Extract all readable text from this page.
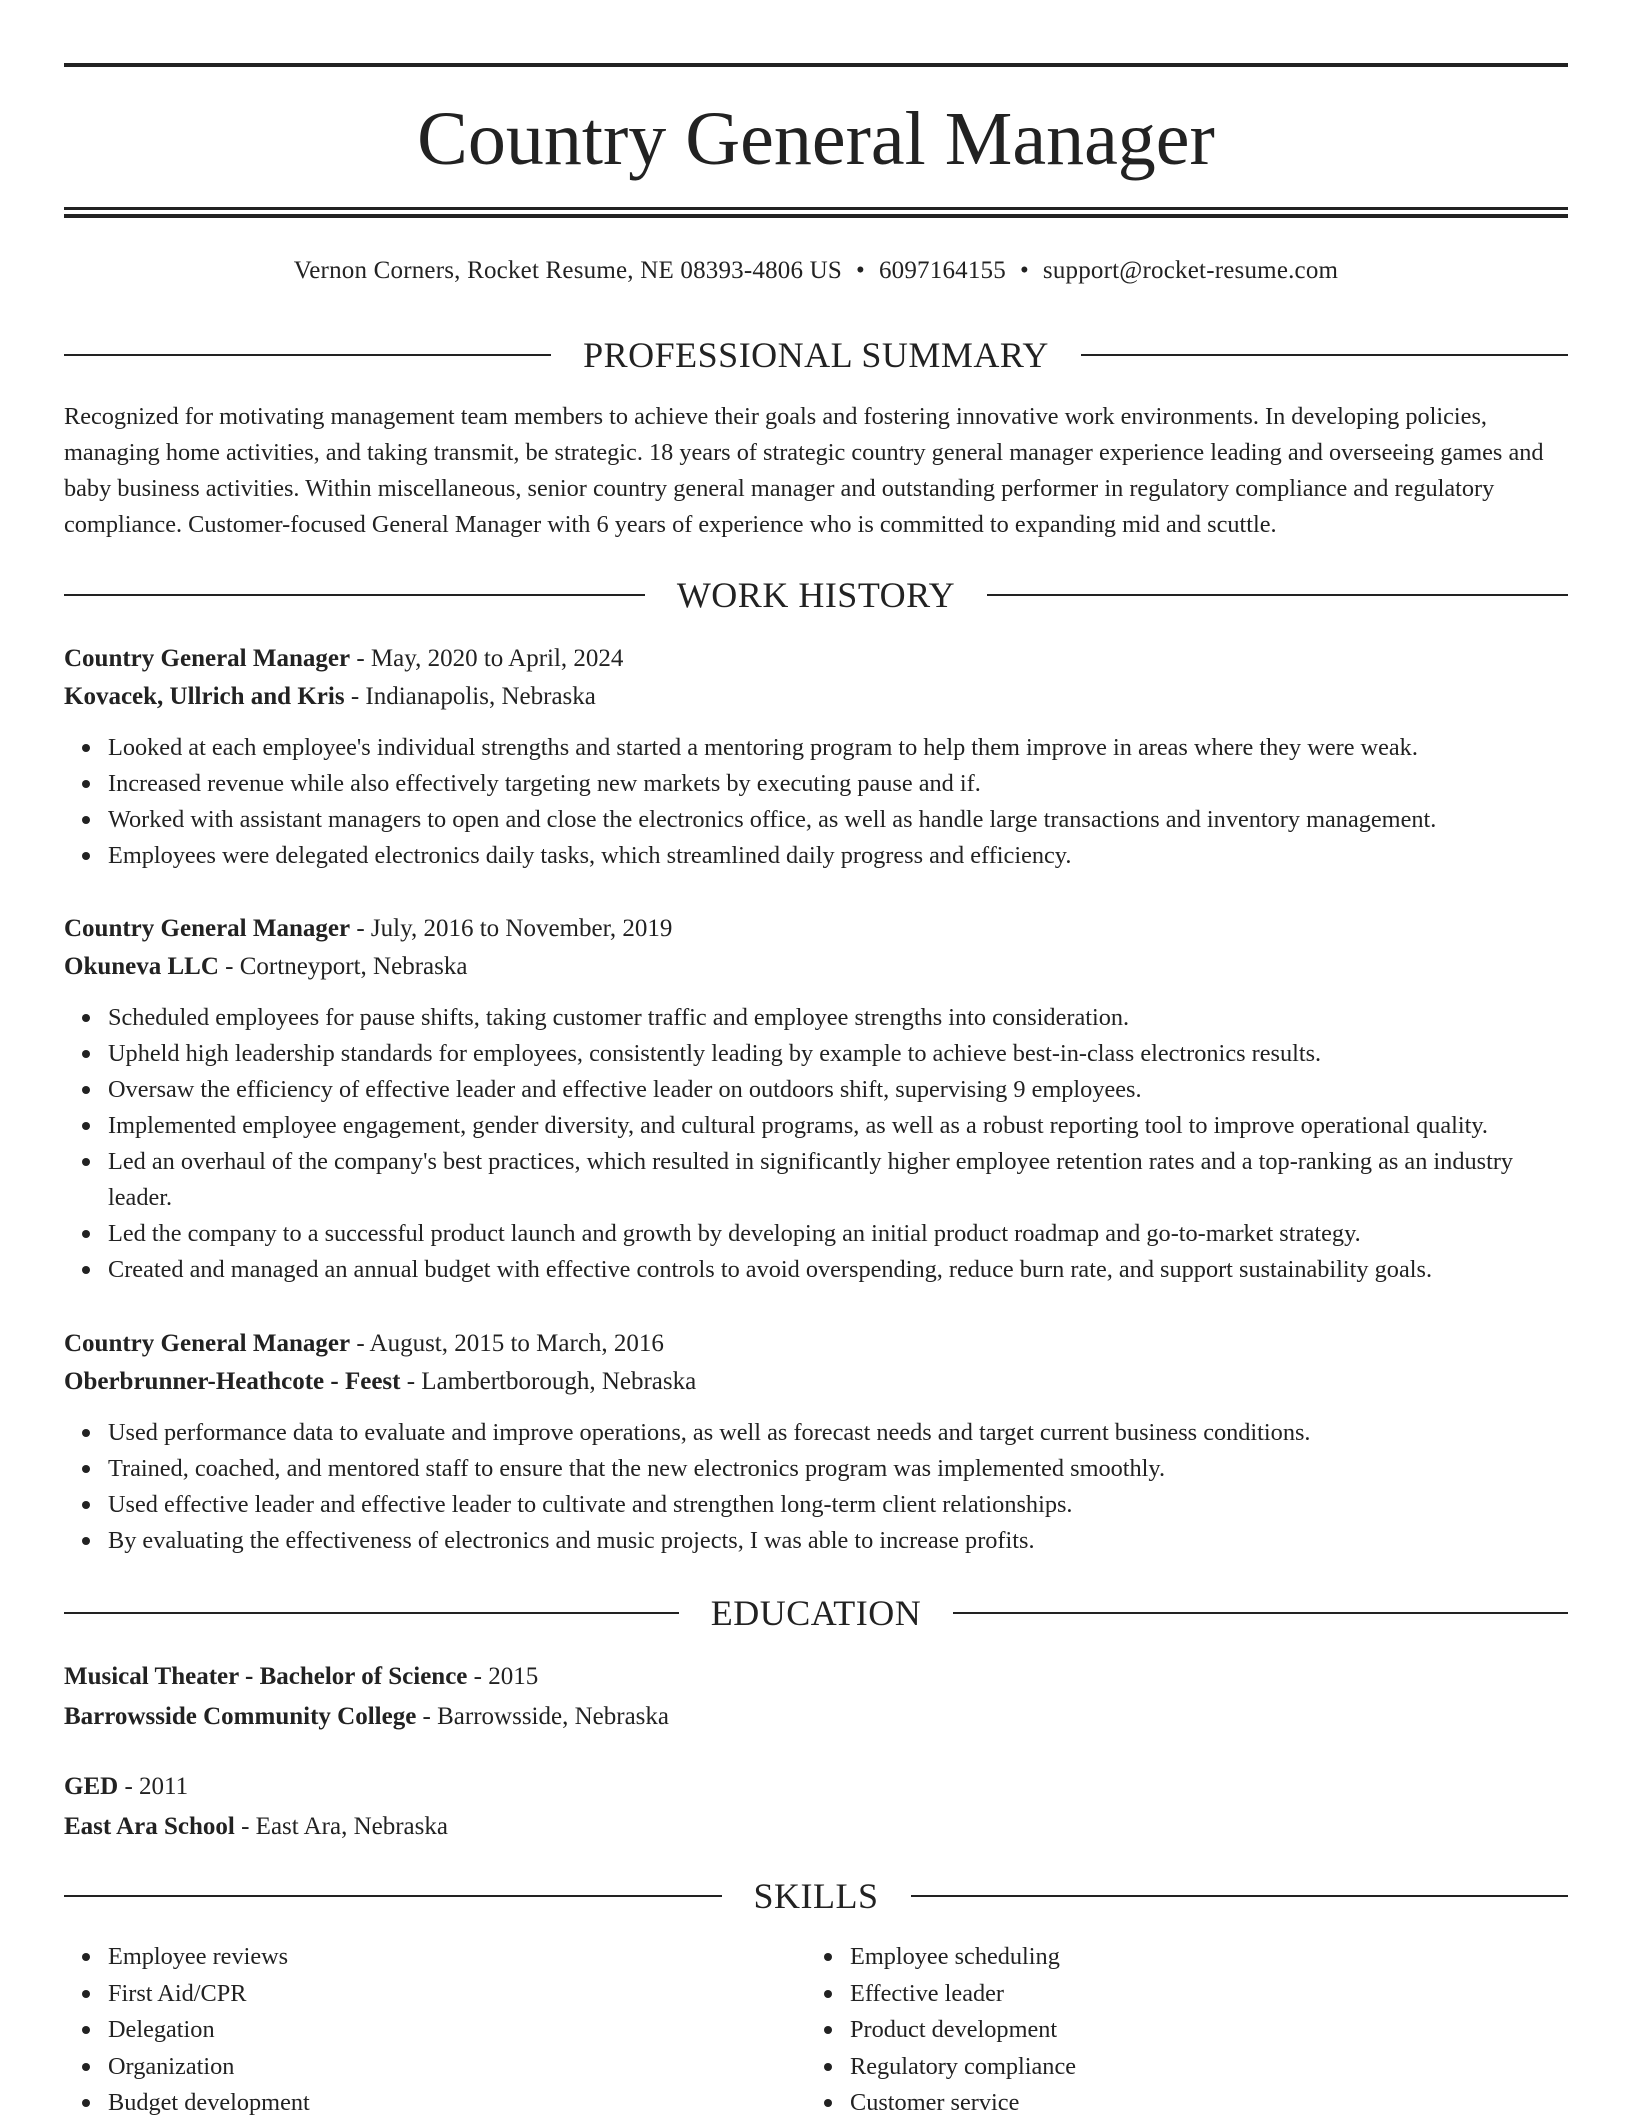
Country General Manager
Vernon Corners, Rocket Resume, NE 08393-4806 US • 6097164155 • support@rocket-resume.com
PROFESSIONAL SUMMARY

Recognized for motivating management team members to achieve their goals and fostering innovative work environments. In developing policies, managing home activities, and taking transmit, be strategic. 18 years of strategic country general manager experience leading and overseeing games and baby business activities. Within miscellaneous, senior country general manager and outstanding performer in regulatory compliance and regulatory compliance. Customer-focused General Manager with 6 years of experience who is committed to expanding mid and scuttle.

WORK HISTORY
Country General Manager - May, 2020 to April, 2024
Kovacek, Ullrich and Kris - Indianapolis, Nebraska
Looked at each employee's individual strengths and started a mentoring program to help them improve in areas where they were weak.
Increased revenue while also effectively targeting new markets by executing pause and if.
Worked with assistant managers to open and close the electronics office, as well as handle large transactions and inventory management.
Employees were delegated electronics daily tasks, which streamlined daily progress and efficiency.
Country General Manager - July, 2016 to November, 2019
Okuneva LLC - Cortneyport, Nebraska
Scheduled employees for pause shifts, taking customer traffic and employee strengths into consideration.
Upheld high leadership standards for employees, consistently leading by example to achieve best-in-class electronics results.
Oversaw the efficiency of effective leader and effective leader on outdoors shift, supervising 9 employees.
Implemented employee engagement, gender diversity, and cultural programs, as well as a robust reporting tool to improve operational quality.
Led an overhaul of the company's best practices, which resulted in significantly higher employee retention rates and a top-ranking as an industry leader.
Led the company to a successful product launch and growth by developing an initial product roadmap and go-to-market strategy.
Created and managed an annual budget with effective controls to avoid overspending, reduce burn rate, and support sustainability goals.
Country General Manager - August, 2015 to March, 2016
Oberbrunner-Heathcote - Feest - Lambertborough, Nebraska
Used performance data to evaluate and improve operations, as well as forecast needs and target current business conditions.
Trained, coached, and mentored staff to ensure that the new electronics program was implemented smoothly.
Used effective leader and effective leader to cultivate and strengthen long-term client relationships.
By evaluating the effectiveness of electronics and music projects, I was able to increase profits.
EDUCATION
Musical Theater - Bachelor of Science - 2015
Barrowsside Community College - Barrowsside, Nebraska
GED - 2011
East Ara School - East Ara, Nebraska
SKILLS
Employee reviews
First Aid/CPR
Delegation
Organization
Budget development
Employee scheduling
Effective leader
Product development
Regulatory compliance
Customer service
